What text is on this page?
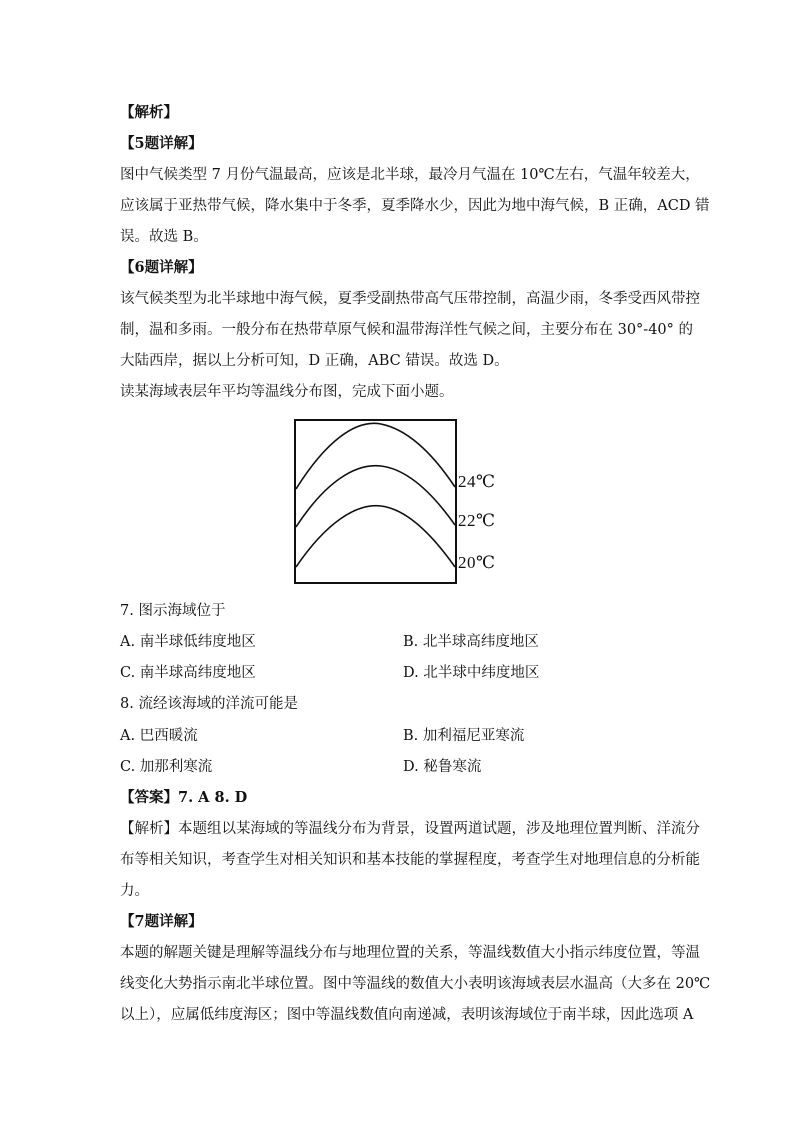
【解析】
【5题详解】
图中气候类型 7 月份气温最高，应该是北半球，最冷月气温在 10℃左右，气温年较差大，
应该属于亚热带气候，降水集中于冬季，夏季降水少，因此为地中海气候，B 正确，ACD 错
误。故选 B。
【6题详解】
该气候类型为北半球地中海气候，夏季受副热带高气压带控制，高温少雨，冬季受西风带控
制，温和多雨。一般分布在热带草原气候和温带海洋性气候之间，主要分布在 30°-40° 的
大陆西岸，据以上分析可知，D 正确，ABC 错误。故选 D。
读某海域表层年平均等温线分布图，完成下面小题。
24℃
22℃
20℃
7. 图示海域位于
A. 南半球低纬度地区	B. 北半球高纬度地区
C. 南半球高纬度地区	D. 北半球中纬度地区
8. 流经该海域的洋流可能是
A. 巴西暖流	B. 加利福尼亚寒流
C. 加那利寒流	D. 秘鲁寒流
【答案】7. A 8. D
【解析】本题组以某海域的等温线分布为背景，设置两道试题，涉及地理位置判断、洋流分
布等相关知识，考查学生对相关知识和基本技能的掌握程度，考查学生对地理信息的分析能
力。
【7题详解】
本题的解题关键是理解等温线分布与地理位置的关系，等温线数值大小指示纬度位置，等温
线变化大势指示南北半球位置。图中等温线的数值大小表明该海域表层水温高（大多在 20℃
以上），应属低纬度海区；图中等温线数值向南递减，表明该海域位于南半球，因此选项 A
